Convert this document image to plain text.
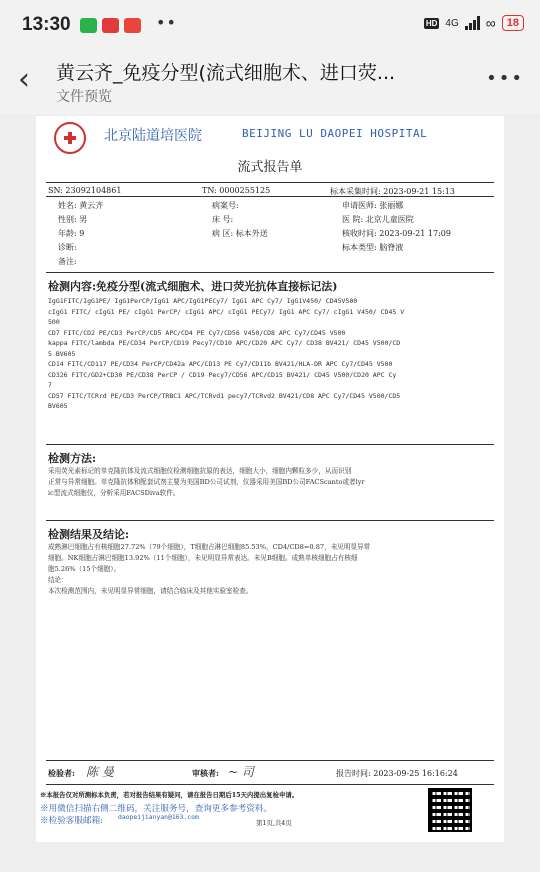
13:30	••	HD 4G ∞	18
‹ 黄云齐_免疫分型(流式细胞术、进口荧...
文件预览
•••
北京陆道培医院	BEIJING LU DAOPEI HOSPITAL
流式报告单
SN: 23092104861	TN: 0000255125	标本采集时间: 2023-09-21 15:13
姓名: 黄云齐	病案号:	申请医师: 张丽娜
性别: 男	床 号:	医 院: 北京儿童医院
年龄: 9	病 区: 标本外送	核收时间: 2023-09-21 17:09
诊断:	标本类型: 脑脊液
备注:
检测内容:免疫分型(流式细胞术、进口荧光抗体直接标记法)
IgG1FITC/IgG1PE/ IgG1PerCP/IgG1 APC/IgG1PECy7/ IgG1 APC Cy7/ IgG1V450/ CD45V500
cIgG1 FITC/ cIgG1 PE/ cIgG1 PerCP/ cIgG1 APC/ cIgG1 PECy7/ IgG1 APC Cy7/ cIgG1 V450/ CD45 V
500
CD7 FITC/CD2 PE/CD3 PerCP/CD5 APC/CD4 PE Cy7/CD56 V450/CD8 APC Cy7/CD45 V500
kappa FITC/lambda PE/CD34 PerCP/CD19 Pecy7/CD10 APC/CD20 APC Cy7/ CD38 BV421/ CD45 V500/CD
5 BV605
CD14 FITC/CD117 PE/CD34 PerCP/CD42a APC/CD13 PE Cy7/CD11b BV421/HLA-DR APC Cy7/CD45 V500
CD326 FITC/GD2+CD30 PE/CD38 PerCP / CD19 Pecy7/CD56 APC/CD15 BV421/ CD45 V500/CD20 APC Cy
7
CD57 FITC/TCRrd PE/CD3 PerCP/TRBC1 APC/TCRvd1 pecy7/TCRvd2 BV421/CD8 APC Cy7/CD45 V500/CD5
BV605
检测方法:
采用荧光素标记的单克隆抗体及流式细胞仪检测细胞抗原的表达，细胞大小，细胞内颗粒多少，从而识别
正常与异常细胞。单克隆抗体和配套试剂主要为美国BD公司试剂，仪器采用美国BD公司FACScanto或者lyr
ic型流式细胞仪，分析采用FACSDiva软件。
检测结果及结论:
成熟淋巴细胞占有核细胞27.72%（79个细胞），T细胞占淋巴细胞85.53%，CD4/CD8=0.87，未见明显异常
细胞。NK细胞占淋巴细胞13.92%（11个细胞），未见明显异常表达。未见B细胞。成熟单核细胞占有核细
胞5.26%（15个细胞）。
结论：
本次检测范围内，未见明显异常细胞，请结合临床及其他实验室检查。
检验者: 陈 曼	审核者: ~ 司	报告时间: 2023-09-25 16:16:24
※本报告仅对所测标本负责，若对报告结果有疑问，请在报告日期后15天内提出复检申请。
※用微信扫描右侧二维码，关注服务号，查询更多参考资料。
※检验客服邮箱: daopeijianyan@163.com
第1页,共4页
